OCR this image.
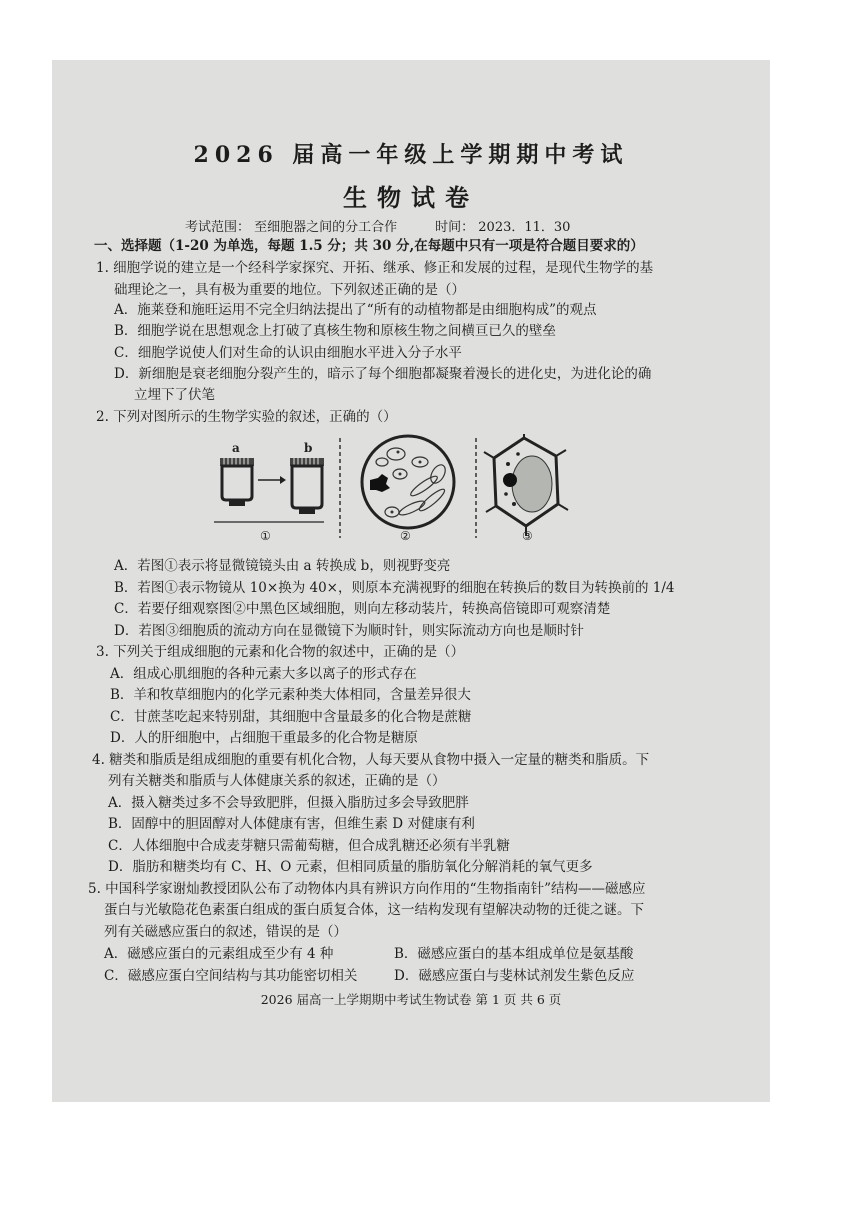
2026 届高一年级上学期期中考试
生物试卷
考试范围： 至细胞器之间的分工合作	时间： 2023．11．30
一、选择题（1-20 为单选，每题 1.5 分；共 30 分,在每题中只有一项是符合题目要求的）
1. 细胞学说的建立是一个经科学家探究、开拓、继承、修正和发展的过程，是现代生物学的基
础理论之一，具有极为重要的地位。下列叙述正确的是（）
A．施莱登和施旺运用不完全归纳法提出了“所有的动植物都是由细胞构成”的观点
B．细胞学说在思想观念上打破了真核生物和原核生物之间横亘已久的壁垒
C．细胞学说使人们对生命的认识由细胞水平进入分子水平
D．新细胞是衰老细胞分裂产生的，暗示了每个细胞都凝聚着漫长的进化史，为进化论的确
立埋下了伏笔
2. 下列对图所示的生物学实验的叙述，正确的（）
a	b
①	②	③
A．若图①表示将显微镜镜头由 a 转换成 b，则视野变亮
B．若图①表示物镜从 10×换为 40×，则原本充满视野的细胞在转换后的数目为转换前的 1/4
C．若要仔细观察图②中黑色区域细胞，则向左移动装片，转换高倍镜即可观察清楚
D．若图③细胞质的流动方向在显微镜下为顺时针，则实际流动方向也是顺时针
3. 下列关于组成细胞的元素和化合物的叙述中，正确的是（）
A．组成心肌细胞的各种元素大多以离子的形式存在
B．羊和牧草细胞内的化学元素种类大体相同，含量差异很大
C．甘蔗茎吃起来特别甜，其细胞中含量最多的化合物是蔗糖
D．人的肝细胞中，占细胞干重最多的化合物是糖原
4. 糖类和脂质是组成细胞的重要有机化合物，人每天要从食物中摄入一定量的糖类和脂质。下
列有关糖类和脂质与人体健康关系的叙述，正确的是（）
A．摄入糖类过多不会导致肥胖，但摄入脂肪过多会导致肥胖
B．固醇中的胆固醇对人体健康有害，但维生素 D 对健康有利
C．人体细胞中合成麦芽糖只需葡萄糖，但合成乳糖还必须有半乳糖
D．脂肪和糖类均有 C、H、O 元素，但相同质量的脂肪氧化分解消耗的氧气更多
5. 中国科学家谢灿教授团队公布了动物体内具有辨识方向作用的“生物指南针”结构——磁感应
蛋白与光敏隐花色素蛋白组成的蛋白质复合体，这一结构发现有望解决动物的迁徙之谜。下
列有关磁感应蛋白的叙述，错误的是（）
A．磁感应蛋白的元素组成至少有 4 种	B．磁感应蛋白的基本组成单位是氨基酸
C．磁感应蛋白空间结构与其功能密切相关	D．磁感应蛋白与斐林试剂发生紫色反应
2026 届高一上学期期中考试生物试卷 第 1 页 共 6 页
